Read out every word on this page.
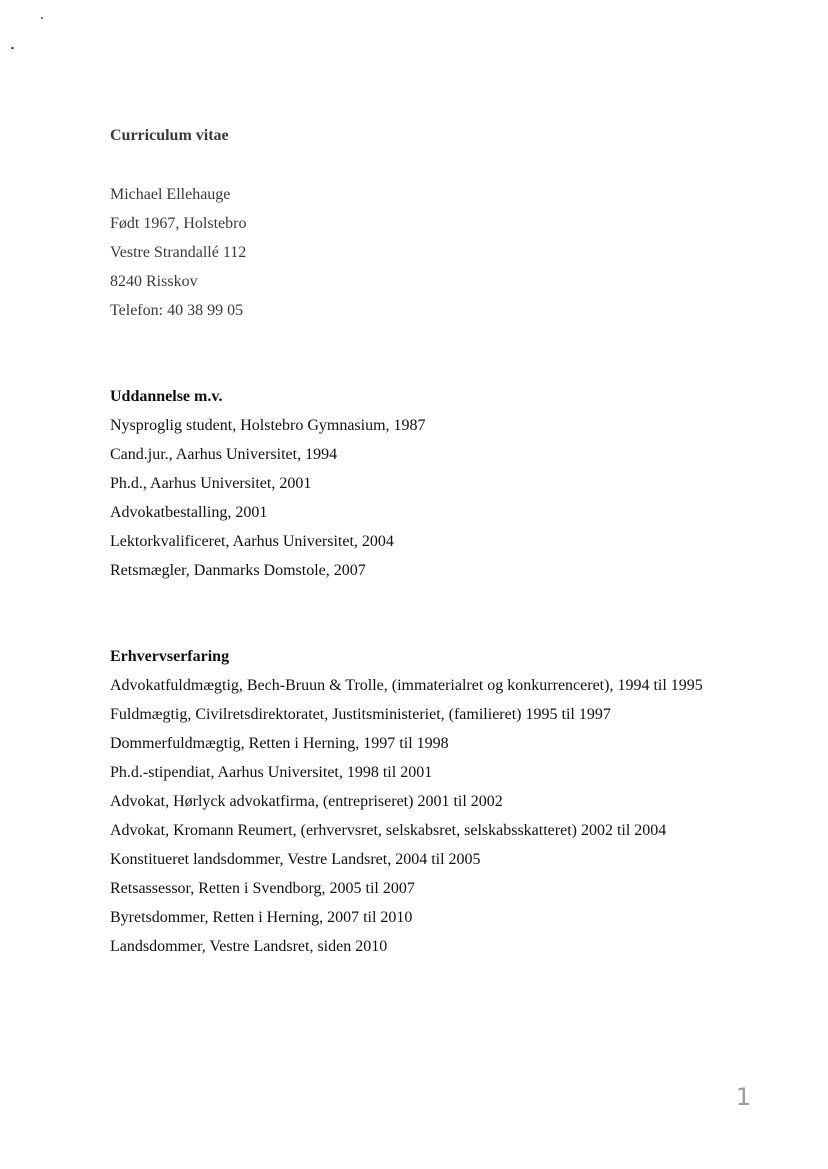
Curriculum vitae
Michael Ellehauge
Født 1967, Holstebro
Vestre Strandallé 112
8240 Risskov
Telefon: 40 38 99 05
Uddannelse m.v.
Nysproglig student, Holstebro Gymnasium, 1987
Cand.jur., Aarhus Universitet, 1994
Ph.d., Aarhus Universitet, 2001
Advokatbestalling, 2001
Lektorkvalificeret, Aarhus Universitet, 2004
Retsmægler, Danmarks Domstole, 2007
Erhvervserfaring
Advokatfuldmægtig, Bech-Bruun & Trolle, (immaterialret og konkurrenceret), 1994 til 1995
Fuldmægtig, Civilretsdirektoratet, Justitsministeriet, (familieret) 1995 til 1997
Dommerfuldmægtig, Retten i Herning, 1997 til 1998
Ph.d.-stipendiat, Aarhus Universitet, 1998 til 2001
Advokat, Hørlyck advokatfirma, (entrepriseret) 2001 til 2002
Advokat, Kromann Reumert, (erhvervsret, selskabsret, selskabsskatteret) 2002 til 2004
Konstitueret landsdommer, Vestre Landsret, 2004 til 2005
Retsassessor, Retten i Svendborg, 2005 til 2007
Byretsdommer, Retten i Herning, 2007 til 2010
Landsdommer, Vestre Landsret, siden 2010
1
